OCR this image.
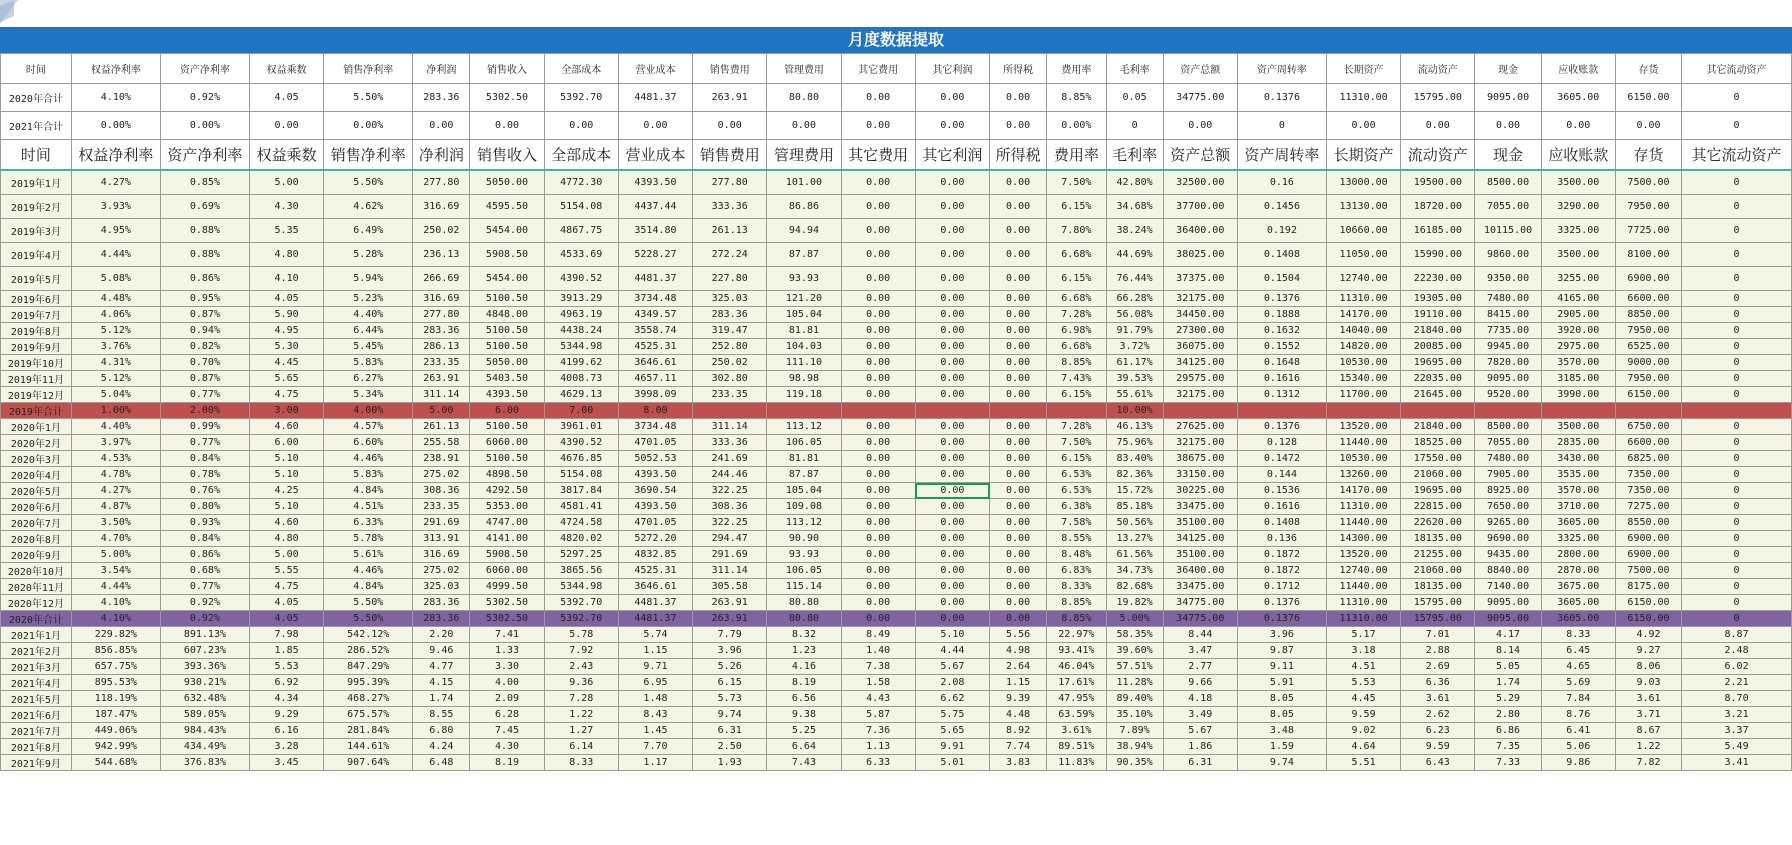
月度数据提取
时间	权益净利率	资产净利率	权益乘数	销售净利率	净利润	销售收入	全部成本	营业成本	销售费用	管理费用	其它费用	其它利润	所得税	费用率	毛利率	资产总额	资产周转率	长期资产	流动资产	现金	应收账款	存货	其它流动资产
2020年合计	4.10%	0.92%	4.05	5.50%	283.36	5302.50	5392.70	4481.37	263.91	80.80	0.00	0.00	0.00	8.85%	0.05	34775.00	0.1376	11310.00	15795.00	9095.00	3605.00	6150.00	0
2021年合计	0.00%	0.00%	0.00	0.00%	0.00	0.00	0.00	0.00	0.00	0.00	0.00	0.00	0.00	0.00%	0	0.00	0	0.00	0.00	0.00	0.00	0.00	0
时间	权益净利率	资产净利率	权益乘数	销售净利率	净利润	销售收入	全部成本	营业成本	销售费用	管理费用	其它费用	其它利润	所得税	费用率	毛利率	资产总额	资产周转率	长期资产	流动资产	现金	应收账款	存货	其它流动资产
2019年1月	4.27%	0.85%	5.00	5.50%	277.80	5050.00	4772.30	4393.50	277.80	101.00	0.00	0.00	0.00	7.50%	42.80%	32500.00	0.16	13000.00	19500.00	8500.00	3500.00	7500.00	0
2019年2月	3.93%	0.69%	4.30	4.62%	316.69	4595.50	5154.08	4437.44	333.36	86.86	0.00	0.00	0.00	6.15%	34.68%	37700.00	0.1456	13130.00	18720.00	7055.00	3290.00	7950.00	0
2019年3月	4.95%	0.88%	5.35	6.49%	250.02	5454.00	4867.75	3514.80	261.13	94.94	0.00	0.00	0.00	7.80%	38.24%	36400.00	0.192	10660.00	16185.00	10115.00	3325.00	7725.00	0
2019年4月	4.44%	0.88%	4.80	5.28%	236.13	5908.50	4533.69	5228.27	272.24	87.87	0.00	0.00	0.00	6.68%	44.69%	38025.00	0.1408	11050.00	15990.00	9860.00	3500.00	8100.00	0
2019年5月	5.08%	0.86%	4.10	5.94%	266.69	5454.00	4390.52	4481.37	227.80	93.93	0.00	0.00	0.00	6.15%	76.44%	37375.00	0.1504	12740.00	22230.00	9350.00	3255.00	6900.00	0
2019年6月	4.48%	0.95%	4.05	5.23%	316.69	5100.50	3913.29	3734.48	325.03	121.20	0.00	0.00	0.00	6.68%	66.28%	32175.00	0.1376	11310.00	19305.00	7480.00	4165.00	6600.00	0
2019年7月	4.06%	0.87%	5.90	4.40%	277.80	4848.00	4963.19	4349.57	283.36	105.04	0.00	0.00	0.00	7.28%	56.08%	34450.00	0.1888	14170.00	19110.00	8415.00	2905.00	8850.00	0
2019年8月	5.12%	0.94%	4.95	6.44%	283.36	5100.50	4438.24	3558.74	319.47	81.81	0.00	0.00	0.00	6.98%	91.79%	27300.00	0.1632	14040.00	21840.00	7735.00	3920.00	7950.00	0
2019年9月	3.76%	0.82%	5.30	5.45%	286.13	5100.50	5344.98	4525.31	252.80	104.03	0.00	0.00	0.00	6.68%	3.72%	36075.00	0.1552	14820.00	20085.00	9945.00	2975.00	6525.00	0
2019年10月	4.31%	0.70%	4.45	5.83%	233.35	5050.00	4199.62	3646.61	250.02	111.10	0.00	0.00	0.00	8.85%	61.17%	34125.00	0.1648	10530.00	19695.00	7820.00	3570.00	9000.00	0
2019年11月	5.12%	0.87%	5.65	6.27%	263.91	5403.50	4008.73	4657.11	302.80	98.98	0.00	0.00	0.00	7.43%	39.53%	29575.00	0.1616	15340.00	22035.00	9095.00	3185.00	7950.00	0
2019年12月	5.04%	0.77%	4.75	5.34%	311.14	4393.50	4629.13	3998.09	233.35	119.18	0.00	0.00	0.00	6.15%	55.61%	32175.00	0.1312	11700.00	21645.00	9520.00	3990.00	6150.00	0
2019年合计	1.00%	2.00%	3.00	4.00%	5.00	6.00	7.00	8.00							10.00%								
2020年1月	4.40%	0.99%	4.60	4.57%	261.13	5100.50	3961.01	3734.48	311.14	113.12	0.00	0.00	0.00	7.28%	46.13%	27625.00	0.1376	13520.00	21840.00	8500.00	3500.00	6750.00	0
2020年2月	3.97%	0.77%	6.00	6.60%	255.58	6060.00	4390.52	4701.05	333.36	106.05	0.00	0.00	0.00	7.50%	75.96%	32175.00	0.128	11440.00	18525.00	7055.00	2835.00	6600.00	0
2020年3月	4.53%	0.84%	5.10	4.46%	238.91	5100.50	4676.85	5052.53	241.69	81.81	0.00	0.00	0.00	6.15%	83.40%	38675.00	0.1472	10530.00	17550.00	7480.00	3430.00	6825.00	0
2020年4月	4.78%	0.78%	5.10	5.83%	275.02	4898.50	5154.08	4393.50	244.46	87.87	0.00	0.00	0.00	6.53%	82.36%	33150.00	0.144	13260.00	21060.00	7905.00	3535.00	7350.00	0
2020年5月	4.27%	0.76%	4.25	4.84%	308.36	4292.50	3817.84	3690.54	322.25	105.04	0.00	0.00	0.00	6.53%	15.72%	30225.00	0.1536	14170.00	19695.00	8925.00	3570.00	7350.00	0
2020年6月	4.87%	0.80%	5.10	4.51%	233.35	5353.00	4581.41	4393.50	308.36	109.08	0.00	0.00	0.00	6.38%	85.18%	33475.00	0.1616	11310.00	22815.00	7650.00	3710.00	7275.00	0
2020年7月	3.50%	0.93%	4.60	6.33%	291.69	4747.00	4724.58	4701.05	322.25	113.12	0.00	0.00	0.00	7.58%	50.56%	35100.00	0.1408	11440.00	22620.00	9265.00	3605.00	8550.00	0
2020年8月	4.70%	0.84%	4.80	5.78%	313.91	4141.00	4820.02	5272.20	294.47	90.90	0.00	0.00	0.00	8.55%	13.27%	34125.00	0.136	14300.00	18135.00	9690.00	3325.00	6900.00	0
2020年9月	5.00%	0.86%	5.00	5.61%	316.69	5908.50	5297.25	4832.85	291.69	93.93	0.00	0.00	0.00	8.48%	61.56%	35100.00	0.1872	13520.00	21255.00	9435.00	2800.00	6900.00	0
2020年10月	3.54%	0.68%	5.55	4.46%	275.02	6060.00	3865.56	4525.31	311.14	106.05	0.00	0.00	0.00	6.83%	34.73%	36400.00	0.1872	12740.00	21060.00	8840.00	2870.00	7500.00	0
2020年11月	4.44%	0.77%	4.75	4.84%	325.03	4999.50	5344.98	3646.61	305.58	115.14	0.00	0.00	0.00	8.33%	82.68%	33475.00	0.1712	11440.00	18135.00	7140.00	3675.00	8175.00	0
2020年12月	4.10%	0.92%	4.05	5.50%	283.36	5302.50	5392.70	4481.37	263.91	80.80	0.00	0.00	0.00	8.85%	19.82%	34775.00	0.1376	11310.00	15795.00	9095.00	3605.00	6150.00	0
2020年合计	4.10%	0.92%	4.05	5.50%	283.36	5302.50	5392.70	4481.37	263.91	80.80	0.00	0.00	0.00	8.85%	5.00%	34775.00	0.1376	11310.00	15795.00	9095.00	3605.00	6150.00	0
2021年1月	229.82%	891.13%	7.98	542.12%	2.20	7.41	5.78	5.74	7.79	8.32	8.49	5.10	5.56	22.97%	58.35%	8.44	3.96	5.17	7.01	4.17	8.33	4.92	8.87
2021年2月	856.85%	607.23%	1.85	286.52%	9.46	1.33	7.92	1.15	3.96	1.23	1.40	4.44	4.98	93.41%	39.60%	3.47	9.87	3.18	2.88	8.14	6.45	9.27	2.48
2021年3月	657.75%	393.36%	5.53	847.29%	4.77	3.30	2.43	9.71	5.26	4.16	7.38	5.67	2.64	46.04%	57.51%	2.77	9.11	4.51	2.69	5.05	4.65	8.06	6.02
2021年4月	895.53%	930.21%	6.92	995.39%	4.15	4.00	9.36	6.95	6.15	8.19	1.58	2.08	1.15	17.61%	11.28%	9.66	5.91	5.53	6.36	1.74	5.69	9.03	2.21
2021年5月	118.19%	632.48%	4.34	468.27%	1.74	2.09	7.28	1.48	5.73	6.56	4.43	6.62	9.39	47.95%	89.40%	4.18	8.05	4.45	3.61	5.29	7.84	3.61	8.70
2021年6月	187.47%	589.05%	9.29	675.57%	8.55	6.28	1.22	8.43	9.74	9.38	5.87	5.75	4.48	63.59%	35.10%	3.49	8.05	9.59	2.62	2.80	8.76	3.71	3.21
2021年7月	449.06%	984.43%	6.16	281.84%	6.80	7.45	1.27	1.45	6.31	5.25	7.36	5.65	8.92	3.61%	7.89%	5.67	3.48	9.02	6.23	6.86	6.41	8.67	3.37
2021年8月	942.99%	434.49%	3.28	144.61%	4.24	4.30	6.14	7.70	2.50	6.64	1.13	9.91	7.74	89.51%	38.94%	1.86	1.59	4.64	9.59	7.35	5.06	1.22	5.49
2021年9月	544.68%	376.83%	3.45	907.64%	6.48	8.19	8.33	1.17	1.93	7.43	6.33	5.01	3.83	11.83%	90.35%	6.31	9.74	5.51	6.43	7.33	9.86	7.82	3.41
